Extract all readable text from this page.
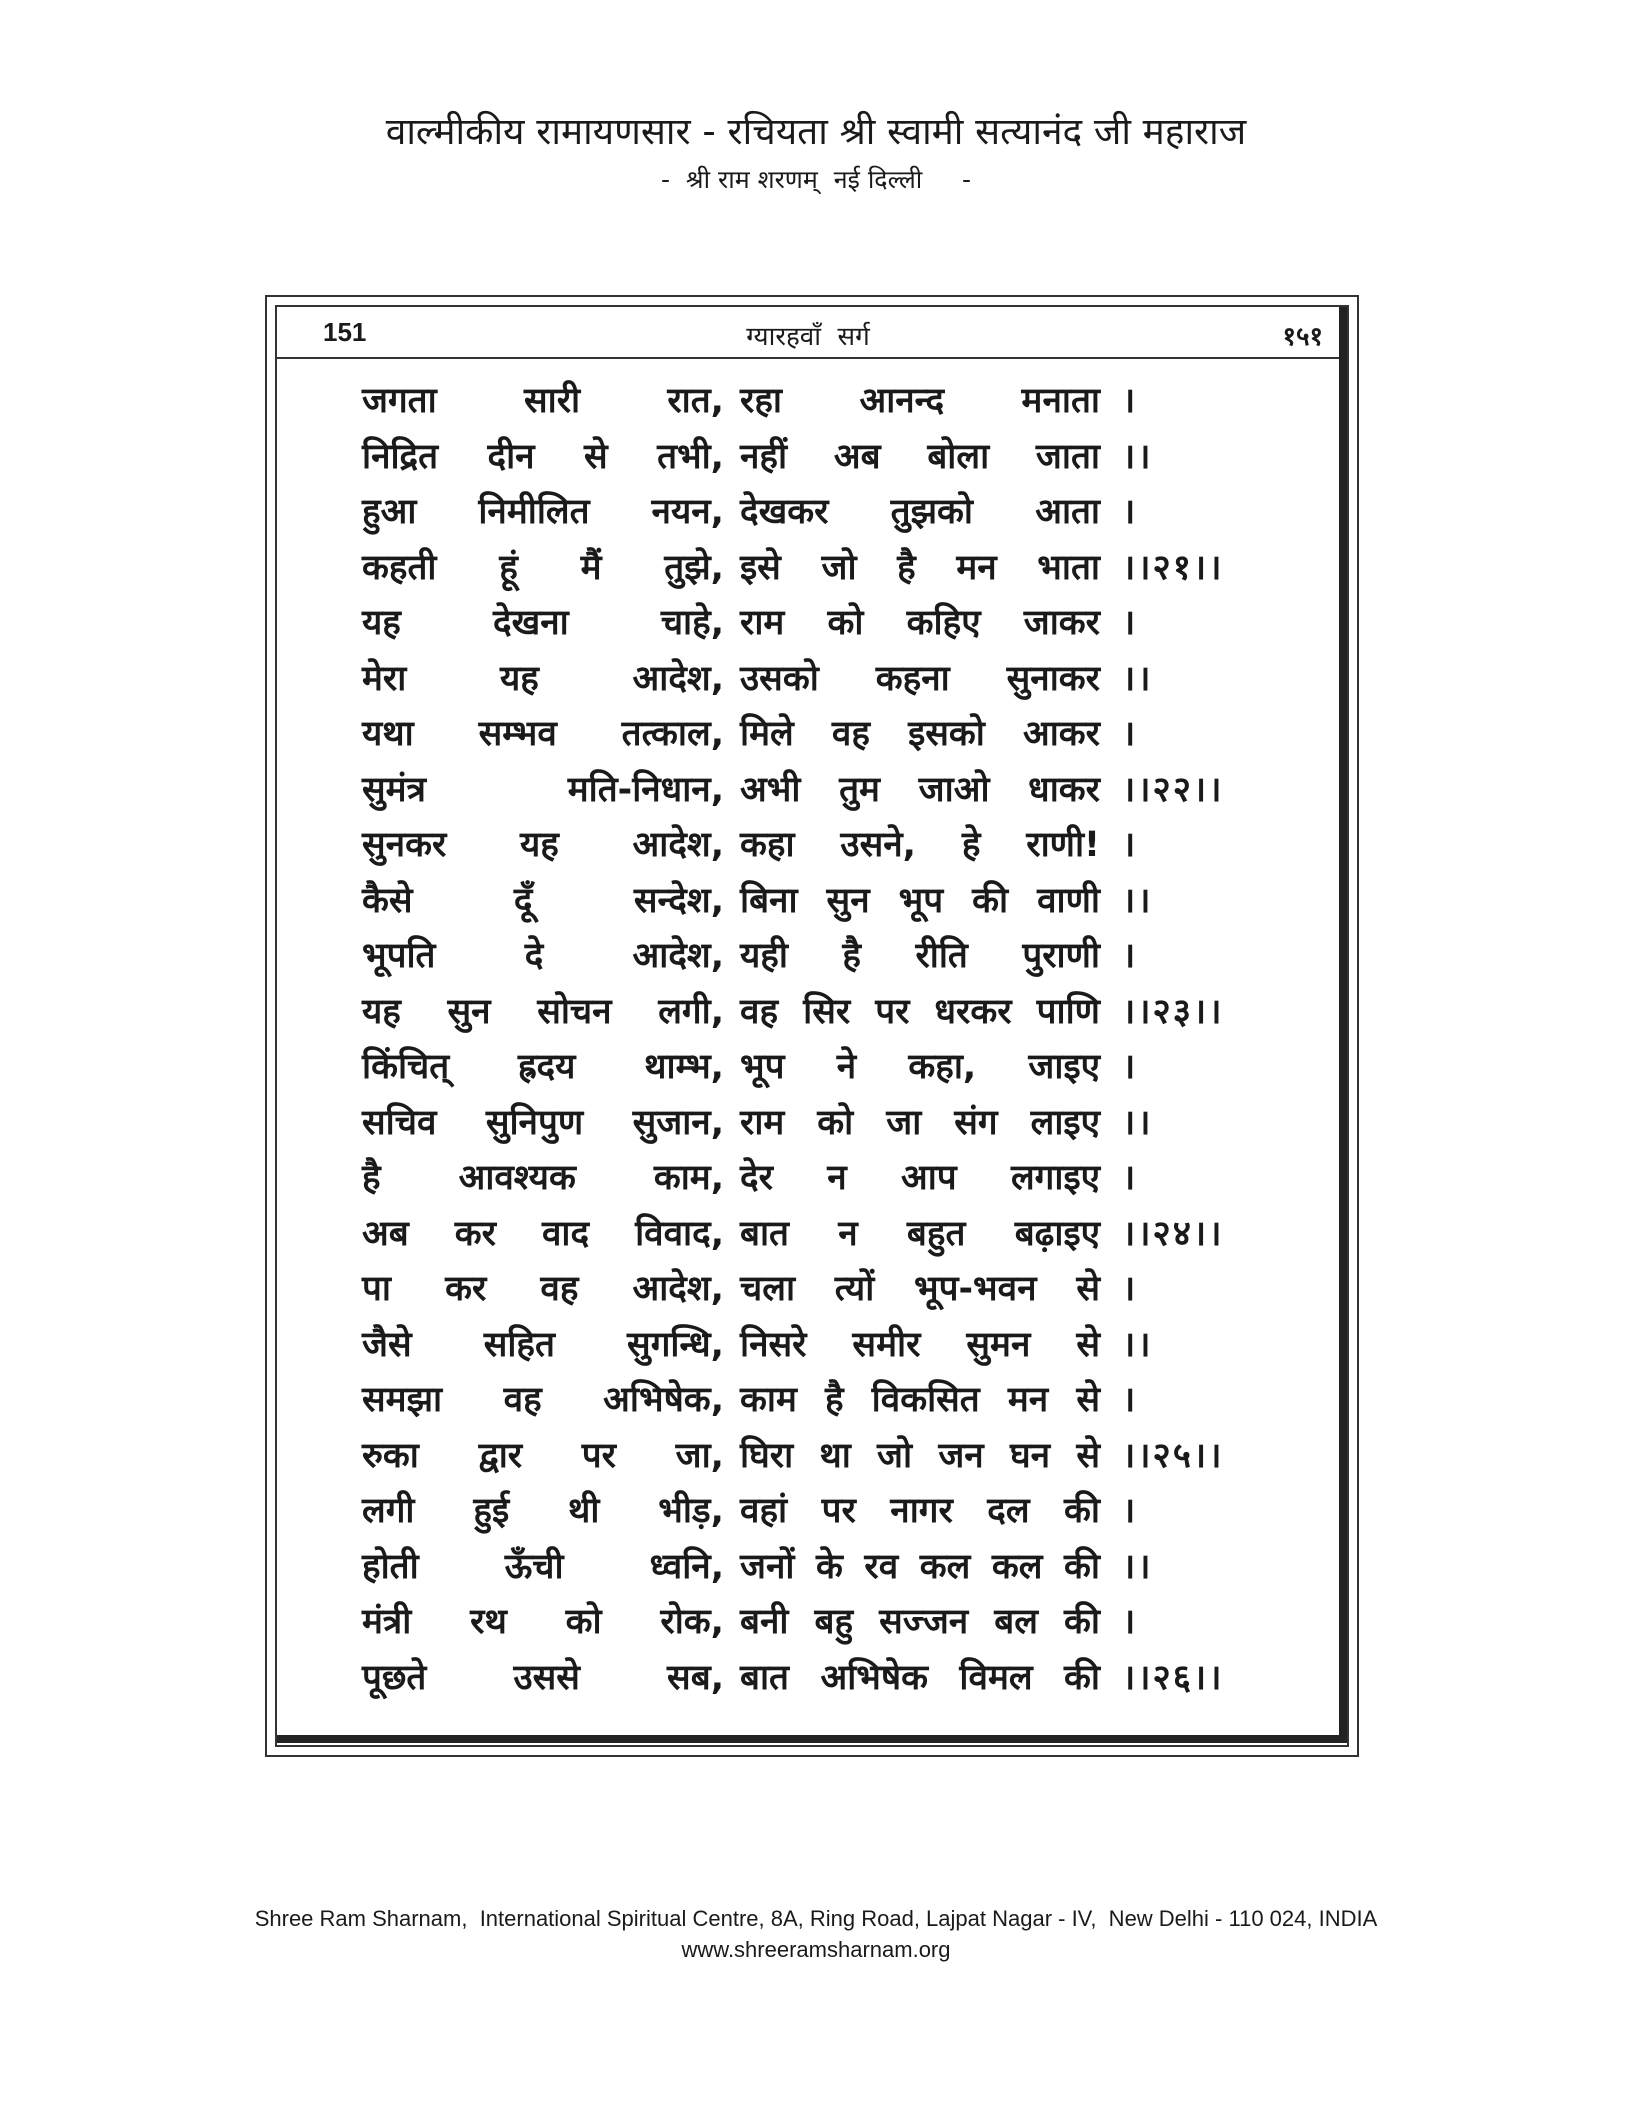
वाल्मीकीय रामायणसार - रचियता श्री स्वामी सत्यानंद जी महाराज
-  श्री राम शरणम्  नई दिल्ली     -
151	ग्यारहवाँ  सर्ग	१५१
जगता सारी रात, रहा आनन्द मनाता ।
निद्रित दीन से तभी, नहीं अब बोला जाता ।।
हुआ निमीलित नयन, देखकर तुझको आता ।
कहती हूं मैं तुझे, इसे जो है मन भाता ।।२१।।
यह	देखना	चाहे, राम को कहिए जाकर ।
मेरा	यह	आदेश, उसको कहना सुनाकर ।।
यथा सम्भव तत्काल, मिले वह इसको आकर ।
सुमंत्र	मति-निधान, अभी तुम जाओ धाकर ।।२२।।
सुनकर यह आदेश, कहा उसने, हे राणी! ।
कैसे	दूँ	सन्देश, बिना सुन भूप की वाणी ।।
भूपति	दे	आदेश, यही है रीति पुराणी ।
यह सुन सोचन लगी, वह सिर पर धरकर पाणि ।।२३।।
किंचित् ह्रदय थाम्भ, भूप ने कहा, जाइए ।
सचिव सुनिपुण सुजान, राम को जा संग लाइए ।।
है आवश्यक काम, देर न आप लगाइए ।
अब कर वाद विवाद, बात न बहुत बढ़ाइए ।।२४।।
पा कर वह आदेश, चला त्यों भूप-भवन से ।
जैसे सहित सुगन्धि, निसरे समीर सुमन से ।।
समझा वह अभिषेक, काम है विकसित मन से ।
रुका द्वार पर जा, घिरा था जो जन घन से ।।२५।।
लगी हुई थी भीड़, वहां पर नागर दल की ।
होती ऊँची ध्वनि, जनों के रव कल कल की ।।
मंत्री रथ को रोक, बनी बहु सज्जन बल की ।
पूछते उससे सब, बात अभिषेक विमल की ।।२६।।
Shree Ram Sharnam,  International Spiritual Centre, 8A, Ring Road, Lajpat Nagar - IV,  New Delhi - 110 024, INDIA
www.shreeramsharnam.org
